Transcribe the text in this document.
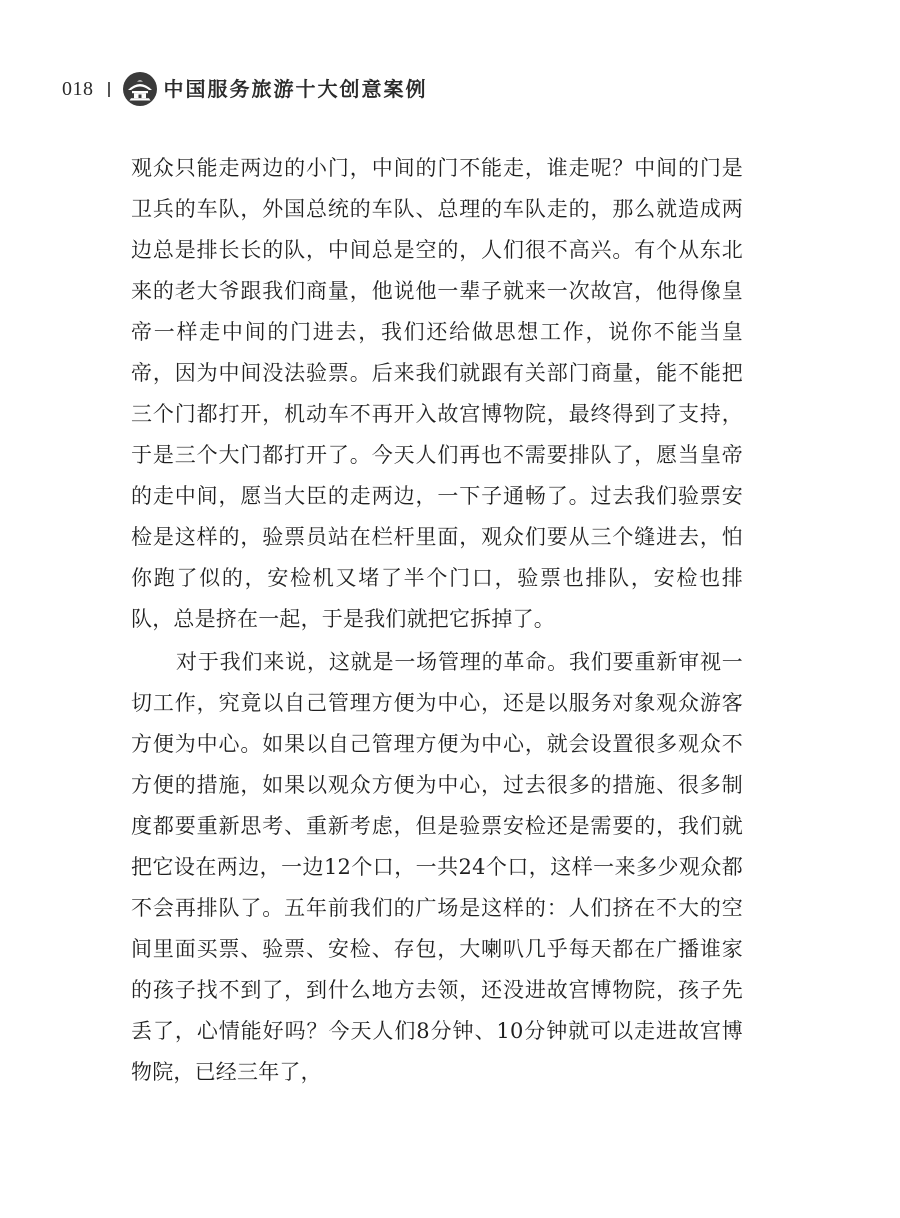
018	中国服务旅游十大创意案例

观众只能走两边的小门，中间的门不能走，谁走呢？中间的门是卫兵的车队，外国总统的车队、总理的车队走的，那么就造成两边总是排长长的队，中间总是空的，人们很不高兴。有个从东北来的老大爷跟我们商量，他说他一辈子就来一次故宫，他得像皇帝一样走中间的门进去，我们还给做思想工作，说你不能当皇帝，因为中间没法验票。后来我们就跟有关部门商量，能不能把三个门都打开，机动车不再开入故宫博物院，最终得到了支持，于是三个大门都打开了。今天人们再也不需要排队了，愿当皇帝的走中间，愿当大臣的走两边，一下子通畅了。过去我们验票安检是这样的，验票员站在栏杆里面，观众们要从三个缝进去，怕你跑了似的，安检机又堵了半个门口，验票也排队，安检也排队，总是挤在一起，于是我们就把它拆掉了。

对于我们来说，这就是一场管理的革命。我们要重新审视一切工作，究竟以自己管理方便为中心，还是以服务对象观众游客方便为中心。如果以自己管理方便为中心，就会设置很多观众不方便的措施，如果以观众方便为中心，过去很多的措施、很多制度都要重新思考、重新考虑，但是验票安检还是需要的，我们就把它设在两边，一边12个口，一共24个口，这样一来多少观众都不会再排队了。五年前我们的广场是这样的：人们挤在不大的空间里面买票、验票、安检、存包，大喇叭几乎每天都在广播谁家的孩子找不到了，到什么地方去领，还没进故宫博物院，孩子先丢了，心情能好吗？今天人们8分钟、10分钟就可以走进故宫博物院，已经三年了，
